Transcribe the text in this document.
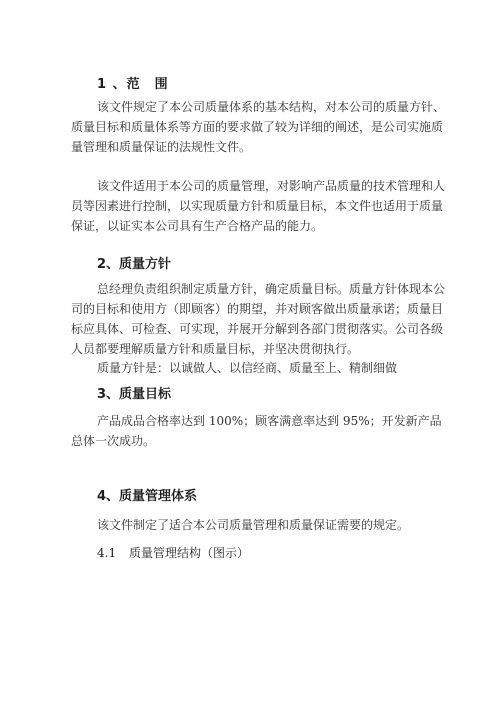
1 、范　围
该文件规定了本公司质量体系的基本结构，对本公司的质量方针、质量目标和质量体系等方面的要求做了较为详细的阐述，是公司实施质量管理和质量保证的法规性文件。
该文件适用于本公司的质量管理，对影响产品质量的技术管理和人员等因素进行控制，以实现质量方针和质量目标，本文件也适用于质量保证，以证实本公司具有生产合格产品的能力。
2、质量方针
总经理负责组织制定质量方针，确定质量目标。质量方针体现本公司的目标和使用方（即顾客）的期望，并对顾客做出质量承诺；质量目标应具体、可检查、可实现，并展开分解到各部门贯彻落实。公司各级人员都要理解质量方针和质量目标，并坚决贯彻执行。
质量方针是：以诚做人、以信经商、质量至上、精制细做
3、质量目标
产品成品合格率达到 100%；顾客满意率达到 95%；开发新产品总体一次成功。
4、质量管理体系
该文件制定了适合本公司质量管理和质量保证需要的规定。
4.1 质量管理结构（图示）
